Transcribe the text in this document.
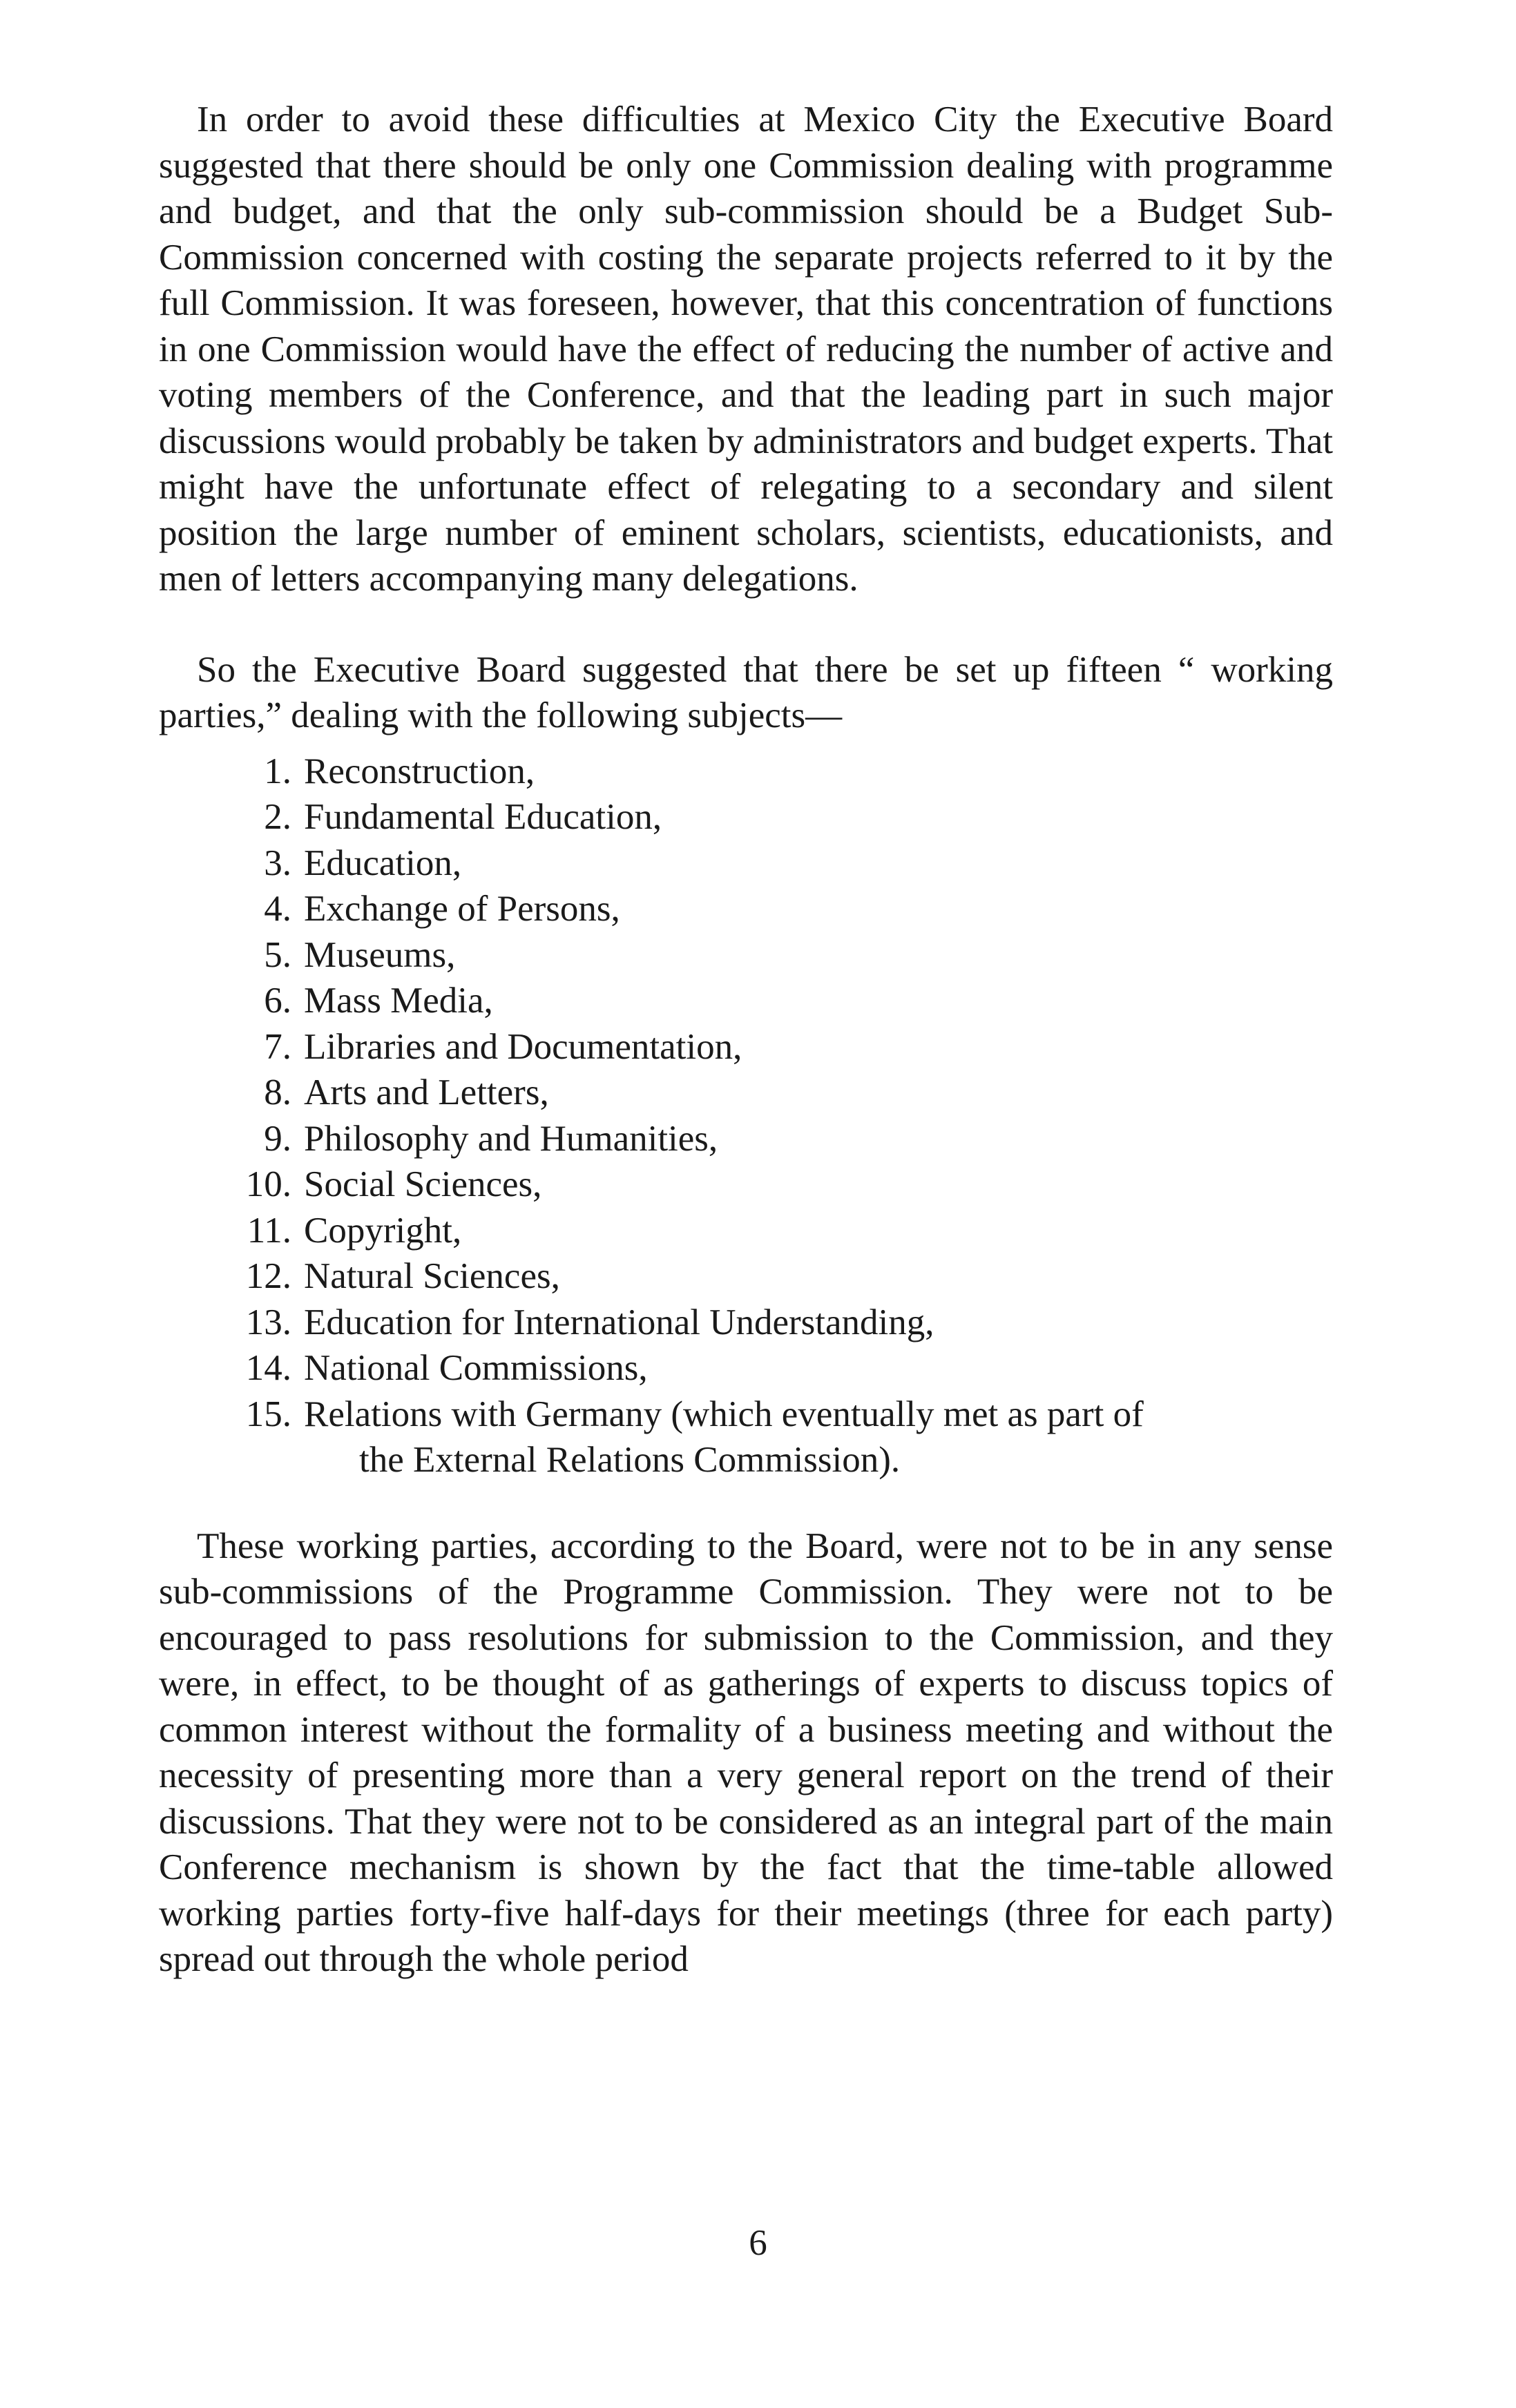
In order to avoid these difficulties at Mexico City the Executive Board suggested that there should be only one Commission dealing with programme and budget, and that the only sub-commission should be a Budget Sub-Commission concerned with costing the separate projects referred to it by the full Commission. It was foreseen, however, that this concentration of functions in one Commission would have the effect of reducing the number of active and voting members of the Conference, and that the leading part in such major discussions would probably be taken by administrators and budget experts. That might have the unfortunate effect of relegating to a secondary and silent position the large number of eminent scholars, scientists, educationists, and men of letters accompanying many delegations.

So the Executive Board suggested that there be set up fifteen “ working parties,” dealing with the following subjects—

1. Reconstruction,
2. Fundamental Education,
3. Education,
4. Exchange of Persons,
5. Museums,
6. Mass Media,
7. Libraries and Documentation,
8. Arts and Letters,
9. Philosophy and Humanities,
10. Social Sciences,
11. Copyright,
12. Natural Sciences,
13. Education for International Understanding,
14. National Commissions,
15. Relations with Germany (which eventually met as part of
the External Relations Commission).

These working parties, according to the Board, were not to be in any sense sub-commissions of the Programme Commission. They were not to be encouraged to pass resolutions for submission to the Commission, and they were, in effect, to be thought of as gatherings of experts to discuss topics of common interest without the formality of a business meeting and without the necessity of presenting more than a very general report on the trend of their discussions. That they were not to be considered as an integral part of the main Conference mechanism is shown by the fact that the time-table allowed working parties forty-five half-days for their meetings (three for each party) spread out through the whole period

6
